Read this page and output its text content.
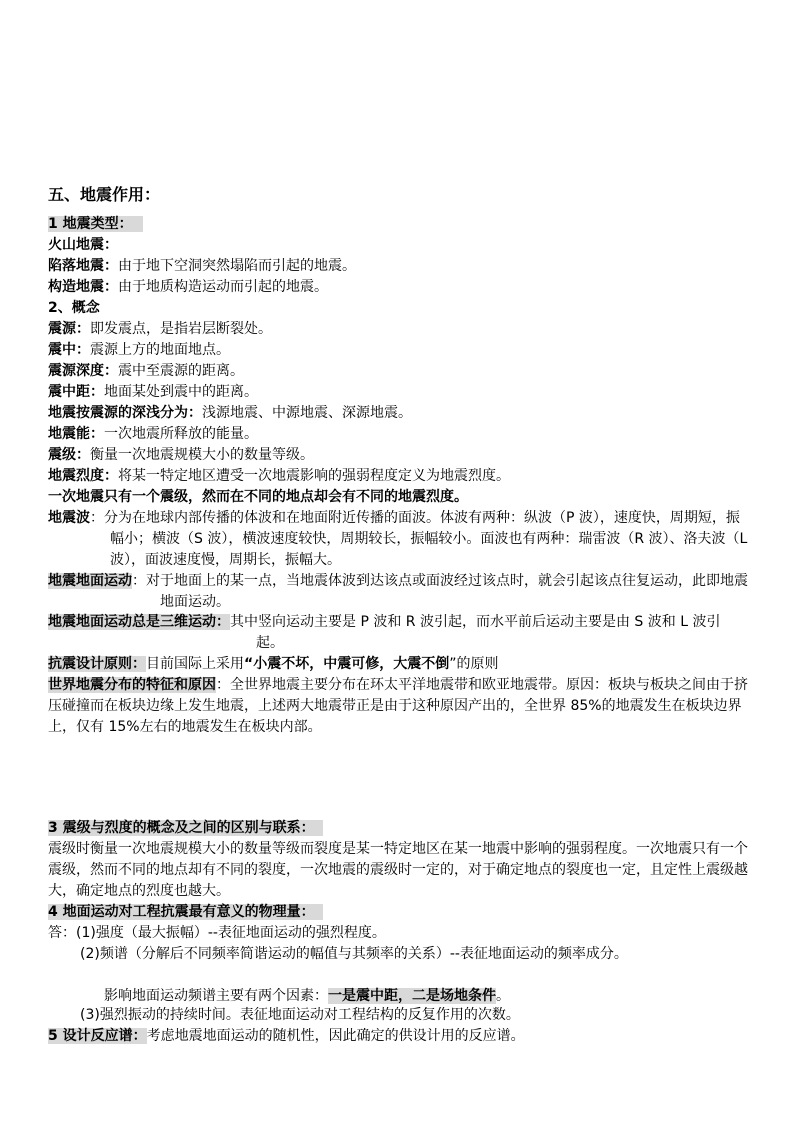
五、地震作用：
1 地震类型：
火山地震：
陷落地震：由于地下空洞突然塌陷而引起的地震。
构造地震：由于地质构造运动而引起的地震。
2、概念
震源：即发震点，是指岩层断裂处。
震中：震源上方的地面地点。
震源深度：震中至震源的距离。
震中距：地面某处到震中的距离。
地震按震源的深浅分为：浅源地震、中源地震、深源地震。
地震能：一次地震所释放的能量。
震级：衡量一次地震规模大小的数量等级。
地震烈度：将某一特定地区遭受一次地震影响的强弱程度定义为地震烈度。
一次地震只有一个震级，然而在不同的地点却会有不同的地震烈度。
地震波：分为在地球内部传播的体波和在地面附近传播的面波。体波有两种：纵波（P 波），速度快，周期短，振幅小；横波（S 波），横波速度较快，周期较长，振幅较小。面波也有两种：瑞雷波（R 波）、洛夫波（L 波），面波速度慢，周期长，振幅大。
地震地面运动：对于地面上的某一点，当地震体波到达该点或面波经过该点时，就会引起该点往复运动，此即地震地面运动。
地震地面运动总是三维运动：其中竖向运动主要是 P 波和 R 波引起，而水平前后运动主要是由 S 波和 L 波引起。
抗震设计原则：目前国际上采用“小震不坏，中震可修，大震不倒”的原则
世界地震分布的特征和原因：全世界地震主要分布在环太平洋地震带和欧亚地震带。原因：板块与板块之间由于挤压碰撞而在板块边缘上发生地震，上述两大地震带正是由于这种原因产出的，全世界 85%的地震发生在板块边界上，仅有 15%左右的地震发生在板块内部。
3 震级与烈度的概念及之间的区别与联系：
震级时衡量一次地震规模大小的数量等级而裂度是某一特定地区在某一地震中影响的强弱程度。一次地震只有一个震级，然而不同的地点却有不同的裂度，一次地震的震级时一定的，对于确定地点的裂度也一定，且定性上震级越大，确定地点的烈度也越大。
4 地面运动对工程抗震最有意义的物理量：
答：(1)强度（最大振幅）--表征地面运动的强烈程度。
(2)频谱（分解后不同频率简谐运动的幅值与其频率的关系）--表征地面运动的频率成分。
影响地面运动频谱主要有两个因素：一是震中距，二是场地条件。
(3)强烈振动的持续时间。表征地面运动对工程结构的反复作用的次数。
5 设计反应谱：考虑地震地面运动的随机性，因此确定的供设计用的反应谱。
